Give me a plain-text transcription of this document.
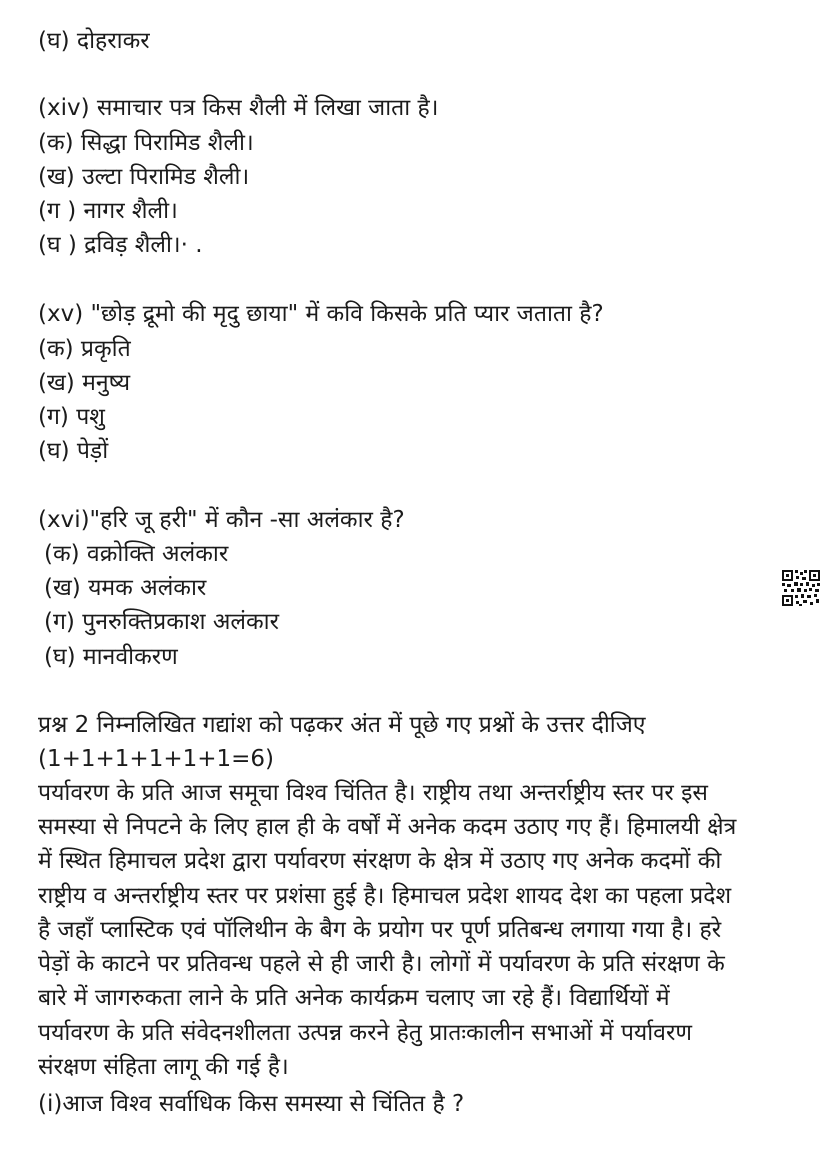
(घ) दोहराकर
(xiv) समाचार पत्र किस शैली में लिखा जाता है।
(क) सिद्धा पिरामिड शैली।
(ख) उल्टा पिरामिड शैली।
(ग ) नागर शैली।
(घ ) द्रविड़ शैली।· .
(xv) "छोड़ द्रूमो की मृदु छाया" में कवि किसके प्रति प्यार जताता है?
(क) प्रकृति
(ख) मनुष्य
(ग) पशु
(घ) पेड़ों
(xvi)"हरि जू हरी" में कौन -सा अलंकार है?
(क) वक्रोक्ति अलंकार
(ख) यमक अलंकार
(ग) पुनरुक्तिप्रकाश अलंकार
(घ) मानवीकरण
प्रश्न 2 निम्नलिखित गद्यांश को पढ़कर अंत में पूछे गए प्रश्नों के उत्तर दीजिए
(1+1+1+1+1+1=6)
पर्यावरण के प्रति आज समूचा विश्व चिंतित है। राष्ट्रीय तथा अन्तर्राष्ट्रीय स्तर पर इस
समस्या से निपटने के लिए हाल ही के वर्षों में अनेक कदम उठाए गए हैं। हिमालयी क्षेत्र
में स्थित हिमाचल प्रदेश द्वारा पर्यावरण संरक्षण के क्षेत्र में उठाए गए अनेक कदमों की
राष्ट्रीय व अन्तर्राष्ट्रीय स्तर पर प्रशंसा हुई है। हिमाचल प्रदेश शायद देश का पहला प्रदेश
है जहाँ प्लास्टिक एवं पॉलिथीन के बैग के प्रयोग पर पूर्ण प्रतिबन्ध लगाया गया है। हरे
पेड़ों के काटने पर प्रतिवन्ध पहले से ही जारी है। लोगों में पर्यावरण के प्रति संरक्षण के
बारे में जागरुकता लाने के प्रति अनेक कार्यक्रम चलाए जा रहे हैं। विद्यार्थियों में
पर्यावरण के प्रति संवेदनशीलता उत्पन्न करने हेतु प्रातःकालीन सभाओं में पर्यावरण
संरक्षण संहिता लागू की गई है।
(i)आज विश्व सर्वाधिक किस समस्या से चिंतित है ?
